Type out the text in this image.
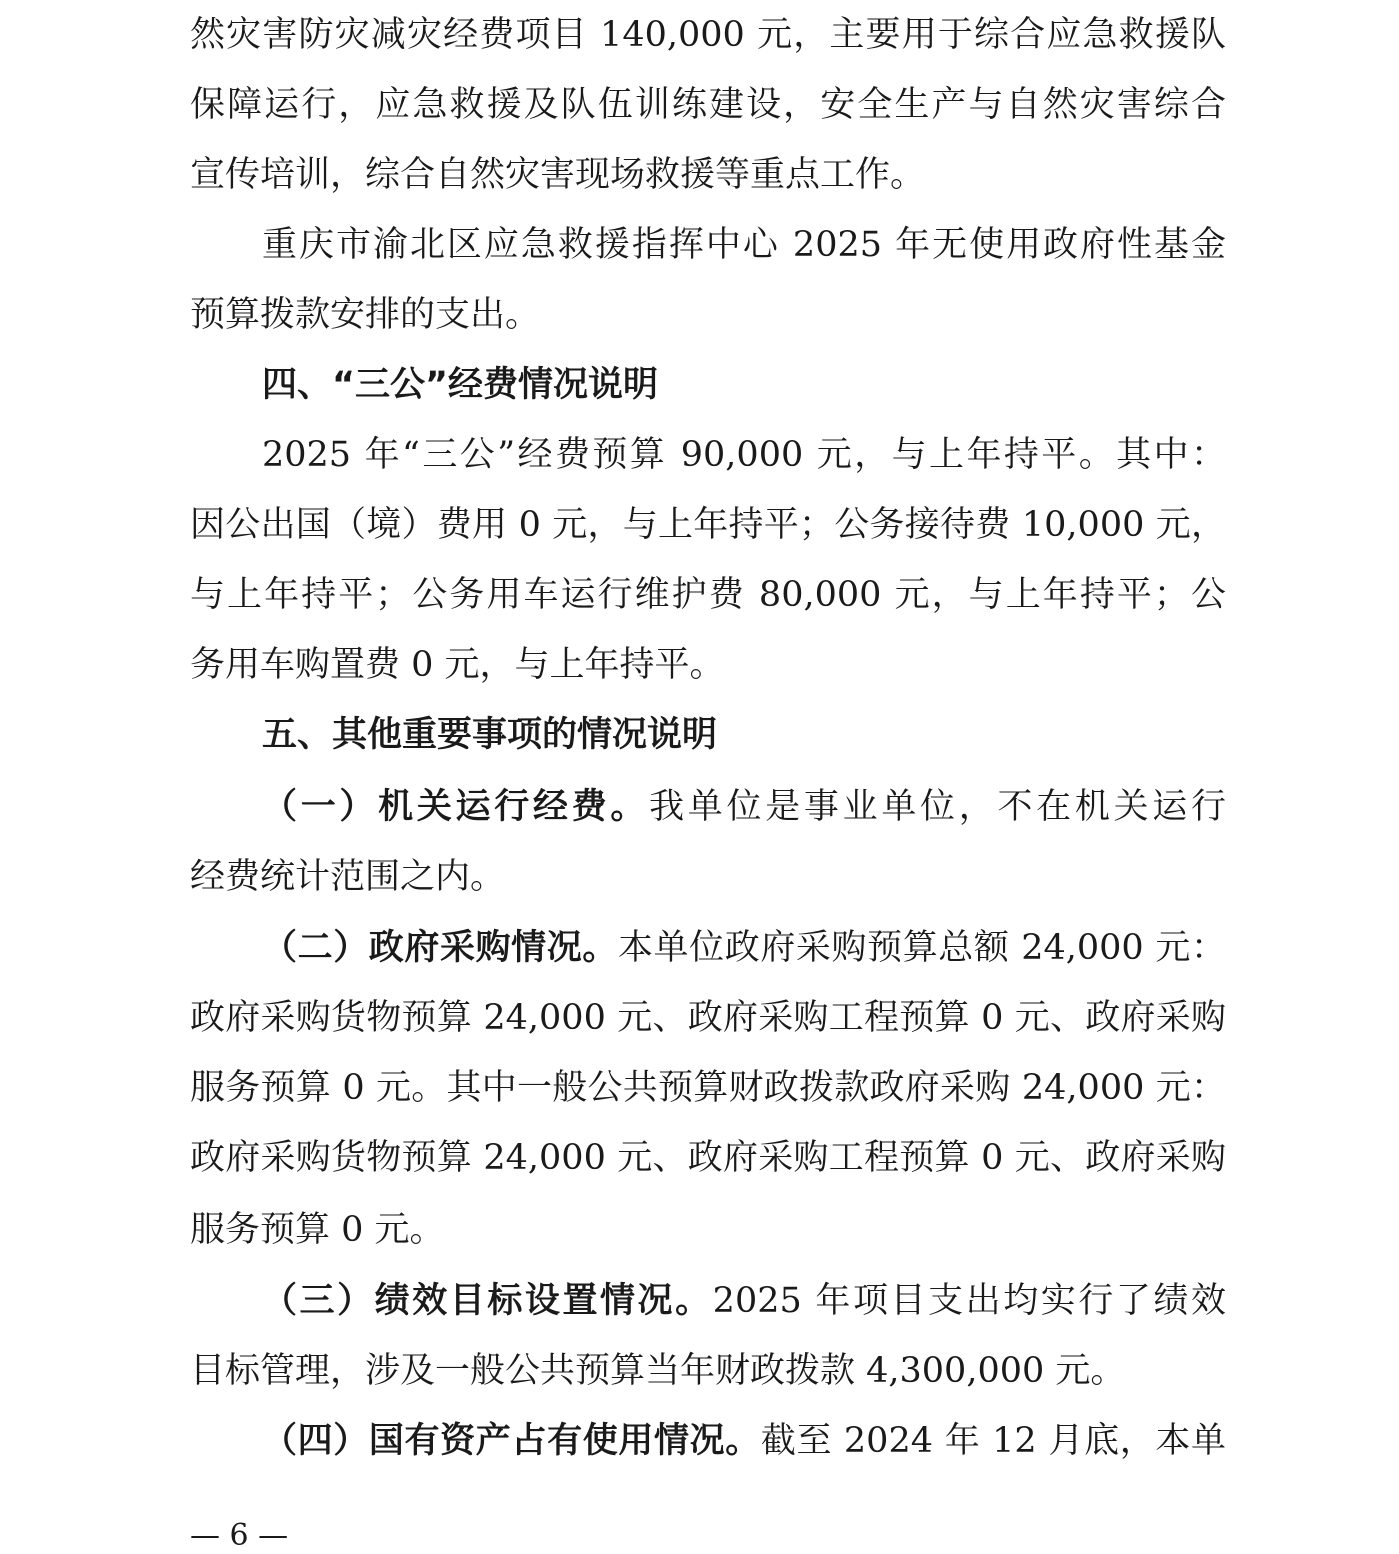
然灾害防灾减灾经费项目 140,000 元，主要用于综合应急救援队
保障运行，应急救援及队伍训练建设，安全生产与自然灾害综合
宣传培训，综合自然灾害现场救援等重点工作。
重庆市渝北区应急救援指挥中心 2025 年无使用政府性基金
预算拨款安排的支出。
四、“三公”经费情况说明
2025 年“三公”经费预算 90,000 元，与上年持平。其中：
因公出国（境）费用 0 元，与上年持平；公务接待费 10,000 元，
与上年持平；公务用车运行维护费 80,000 元，与上年持平；公
务用车购置费 0 元，与上年持平。
五、其他重要事项的情况说明
（一）机关运行经费。我单位是事业单位，不在机关运行
经费统计范围之内。
（二）政府采购情况。本单位政府采购预算总额 24,000 元：
政府采购货物预算 24,000 元、政府采购工程预算 0 元、政府采购
服务预算 0 元。其中一般公共预算财政拨款政府采购 24,000 元：
政府采购货物预算 24,000 元、政府采购工程预算 0 元、政府采购
服务预算 0 元。
（三）绩效目标设置情况。2025 年项目支出均实行了绩效
目标管理，涉及一般公共预算当年财政拨款 4,300,000 元。
（四）国有资产占有使用情况。截至 2024 年 12 月底，本单
— 6 —
